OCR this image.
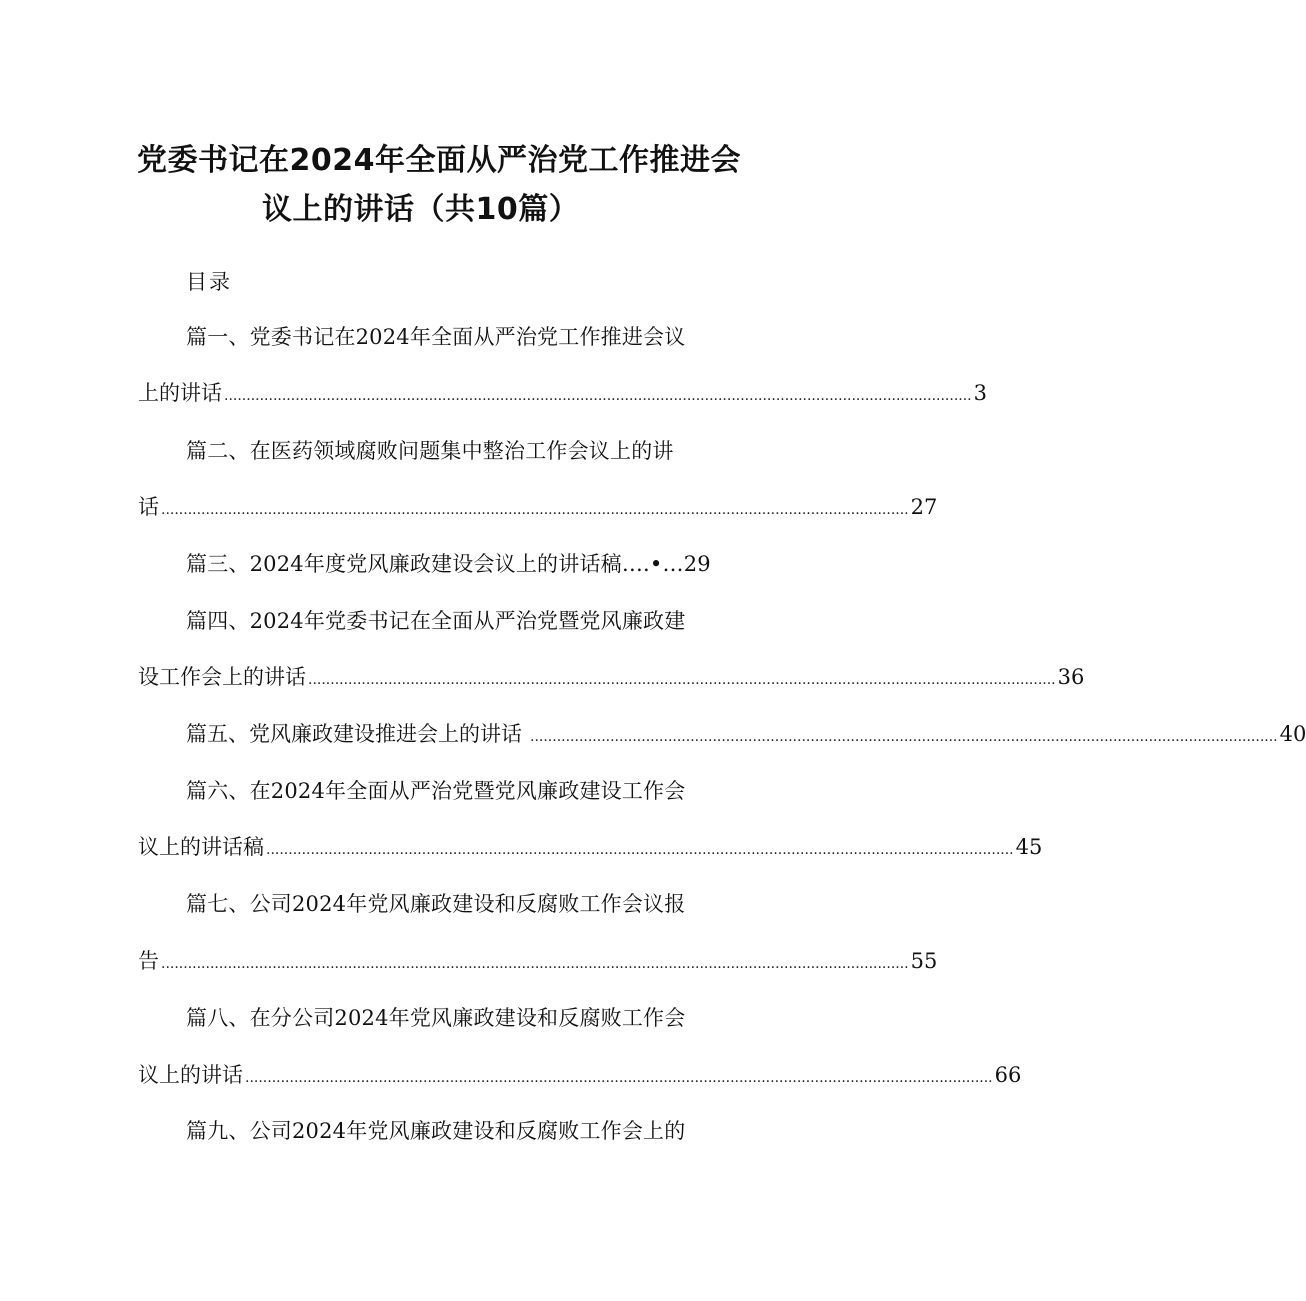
党委书记在2024年全面从严治党工作推进会
议上的讲话（共10篇）
目录
篇一、党委书记在2024年全面从严治党工作推进会议
上的讲话 ........................................................................................................................................................................ 3
篇二、在医药领域腐败问题集中整治工作会议上的讲
话 ........................................................................................................................................................................ 27
篇三、2024年度党风廉政建设会议上的讲话稿….•…29
篇四、2024年党委书记在全面从严治党暨党风廉政建
设工作会上的讲话 ........................................................................................................................................................................ 36
篇五、党风廉政建设推进会上的讲话 ........................................................................................................................................................................ 40
篇六、在2024年全面从严治党暨党风廉政建设工作会
议上的讲话稿 ........................................................................................................................................................................ 45
篇七、公司2024年党风廉政建设和反腐败工作会议报
告 ........................................................................................................................................................................ 55
篇八、在分公司2024年党风廉政建设和反腐败工作会
议上的讲话 ........................................................................................................................................................................ 66
篇九、公司2024年党风廉政建设和反腐败工作会上的
